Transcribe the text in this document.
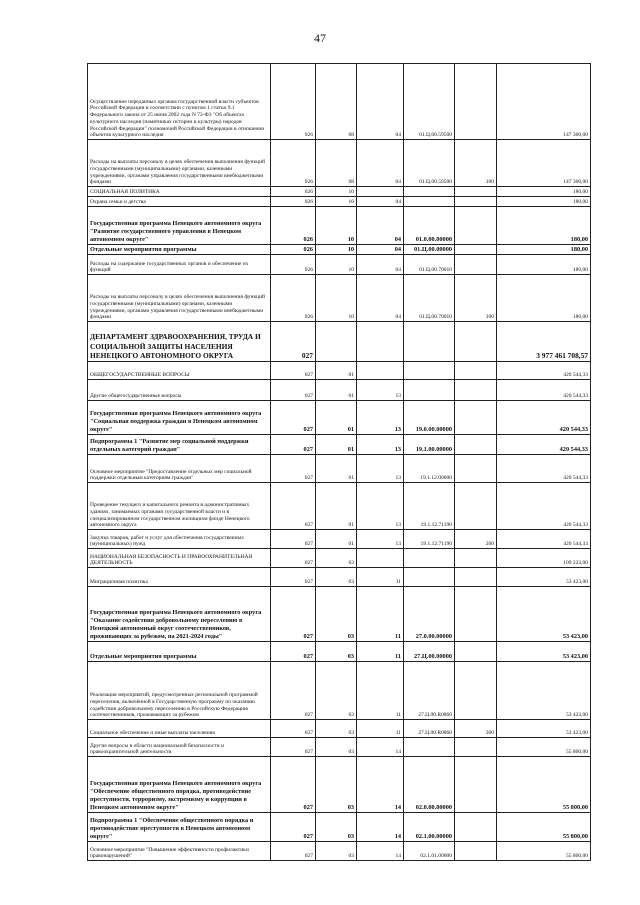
47
Осуществление переданных органам государственной власти субъектов Российской Федерации в соответствии с пунктом 1 статьи 9.1 Федерального закона от 25 июня 2002 года N 73-ФЗ "Об объектах культурного наследия (памятниках истории и культуры) народов Российской Федерации" полномочий Российской Федерации в отношении объектов культурного наследия	026	08	04	01.Ц.00.59500		147 300,00
Расходы на выплаты персоналу в целях обеспечения выполнения функций государственными (муниципальными) органами, казенными учреждениями, органами управления государственными внебюджетными фондами	026	08	04	01.Ц.00.59500	100	147 300,00
СОЦИАЛЬНАЯ ПОЛИТИКА	026	10				180,00
Охрана семьи и детства	026	10	04			180,00
Государственная программа Ненецкого автономного округа "Развитие государственного управления в Ненецком автономном округе"	026	10	04	01.0.00.00000		180,00
Отдельные мероприятия программы	026	10	04	01.Ц.00.00000		180,00
Расходы на содержание государственных органов и обеспечение их функций	026	10	04	01.Ц.00.70010		180,00
Расходы на выплаты персоналу в целях обеспечения выполнения функций государственными (муниципальными) органами, казенными учреждениями, органами управления государственными внебюджетными фондами	026	10	04	01.Ц.00.70010	100	180,00
ДЕПАРТАМЕНТ ЗДРАВООХРАНЕНИЯ, ТРУДА И СОЦИАЛЬНОЙ ЗАЩИТЫ НАСЕЛЕНИЯ НЕНЕЦКОГО АВТОНОМНОГО ОКРУГА	027					3 977 461 708,57
ОБЩЕГОСУДАРСТВЕННЫЕ ВОПРОСЫ	027	01				420 544,33
Другие общегосударственные вопросы	027	01	13			420 544,33
Государственная программа Ненецкого автономного округа "Социальная поддержка граждан в Ненецком автономном округе"	027	01	13	19.0.00.00000		420 544,33
Подпрограмма 1 "Развитие мер социальной поддержки отдельных категорий граждан"	027	01	13	19.1.00.00000		420 544,33
Основное мероприятие "Предоставление отдельных мер социальной поддержки отдельным категориям граждан"	027	01	13	19.1.12.00000		420 544,33
Проведение текущего и капитального ремонта в административных зданиях, занимаемых органами государственной власти и в специализированном государственном жилищном фонде Ненецкого автономного округа	027	01	13	19.1.12.71190		420 544,33
Закупка товаров, работ и услуг для обеспечения государственных (муниципальных) нужд	027	01	13	19.1.12.71190	200	420 544,33
НАЦИОНАЛЬНАЯ БЕЗОПАСНОСТЬ И ПРАВООХРАНИТЕЛЬНАЯ ДЕЯТЕЛЬНОСТЬ	027	03				109 223,00
Миграционная политика	027	03	11			53 423,00
Государственная программа Ненецкого автономного округа "Оказание содействия добровольному переселению в Ненецкий автономный округ соотечественников, проживающих за рубежом, на 2021-2024 годы"	027	03	11	27.0.00.00000		53 423,00
Отдельные мероприятия программы	027	03	11	27.Ц.00.00000		53 423,00
Реализация мероприятий, предусмотренных региональной программой переселения, включённой в Государственную программу по оказанию содействия добровольному переселению в Российскую Федерацию соотечественников, проживающих за рубежом	027	03	11	27.Ц.00.R0860		53 423,00
Социальное обеспечение и иные выплаты населению	027	03	11	27.Ц.00.R0860	300	53 423,00
Другие вопросы в области национальной безопасности и правоохранительной деятельности	027	03	14			55 800,00
Государственная программа Ненецкого автономного округа "Обеспечение общественного порядка, противодействие преступности, терроризму, экстремизму и коррупции в Ненецком автономном округе"	027	03	14	02.0.00.00000		55 800,00
Подпрограмма 1 "Обеспечение общественного порядка и противодействие преступности в Ненецком автономном округе"	027	03	14	02.1.00.00000		55 800,00
Основное мероприятие "Повышение эффективности профилактики правонарушений"	027	03	14	02.1.01.00000		55 800,00
